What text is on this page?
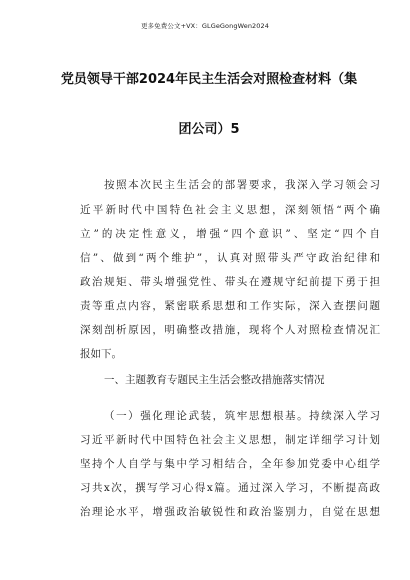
更多免费公文+VX：GLGeGongWen2024
党员领导干部2024年民主生活会对照检查材料（集
团公司）5
按照本次民主生活会的部署要求，我深入学习领会习
近平新时代中国特色社会主义思想，深刻领悟“两个确
立”的决定性意义，增强“四个意识”、坚定“四个自
信”、做到“两个维护”，认真对照带头严守政治纪律和
政治规矩、带头增强党性、带头在遵规守纪前提下勇于担
责等重点内容，紧密联系思想和工作实际，深入查摆问题
深刻剖析原因，明确整改措施，现将个人对照检查情况汇
报如下。
一、主题教育专题民主生活会整改措施落实情况
（一）强化理论武装，筑牢思想根基。持续深入学习
习近平新时代中国特色社会主义思想，制定详细学习计划
坚持个人自学与集中学习相结合，全年参加党委中心组学
习共x次，撰写学习心得x篇。通过深入学习，不断提高政
治理论水平，增强政治敏锐性和政治鉴别力，自觉在思想
